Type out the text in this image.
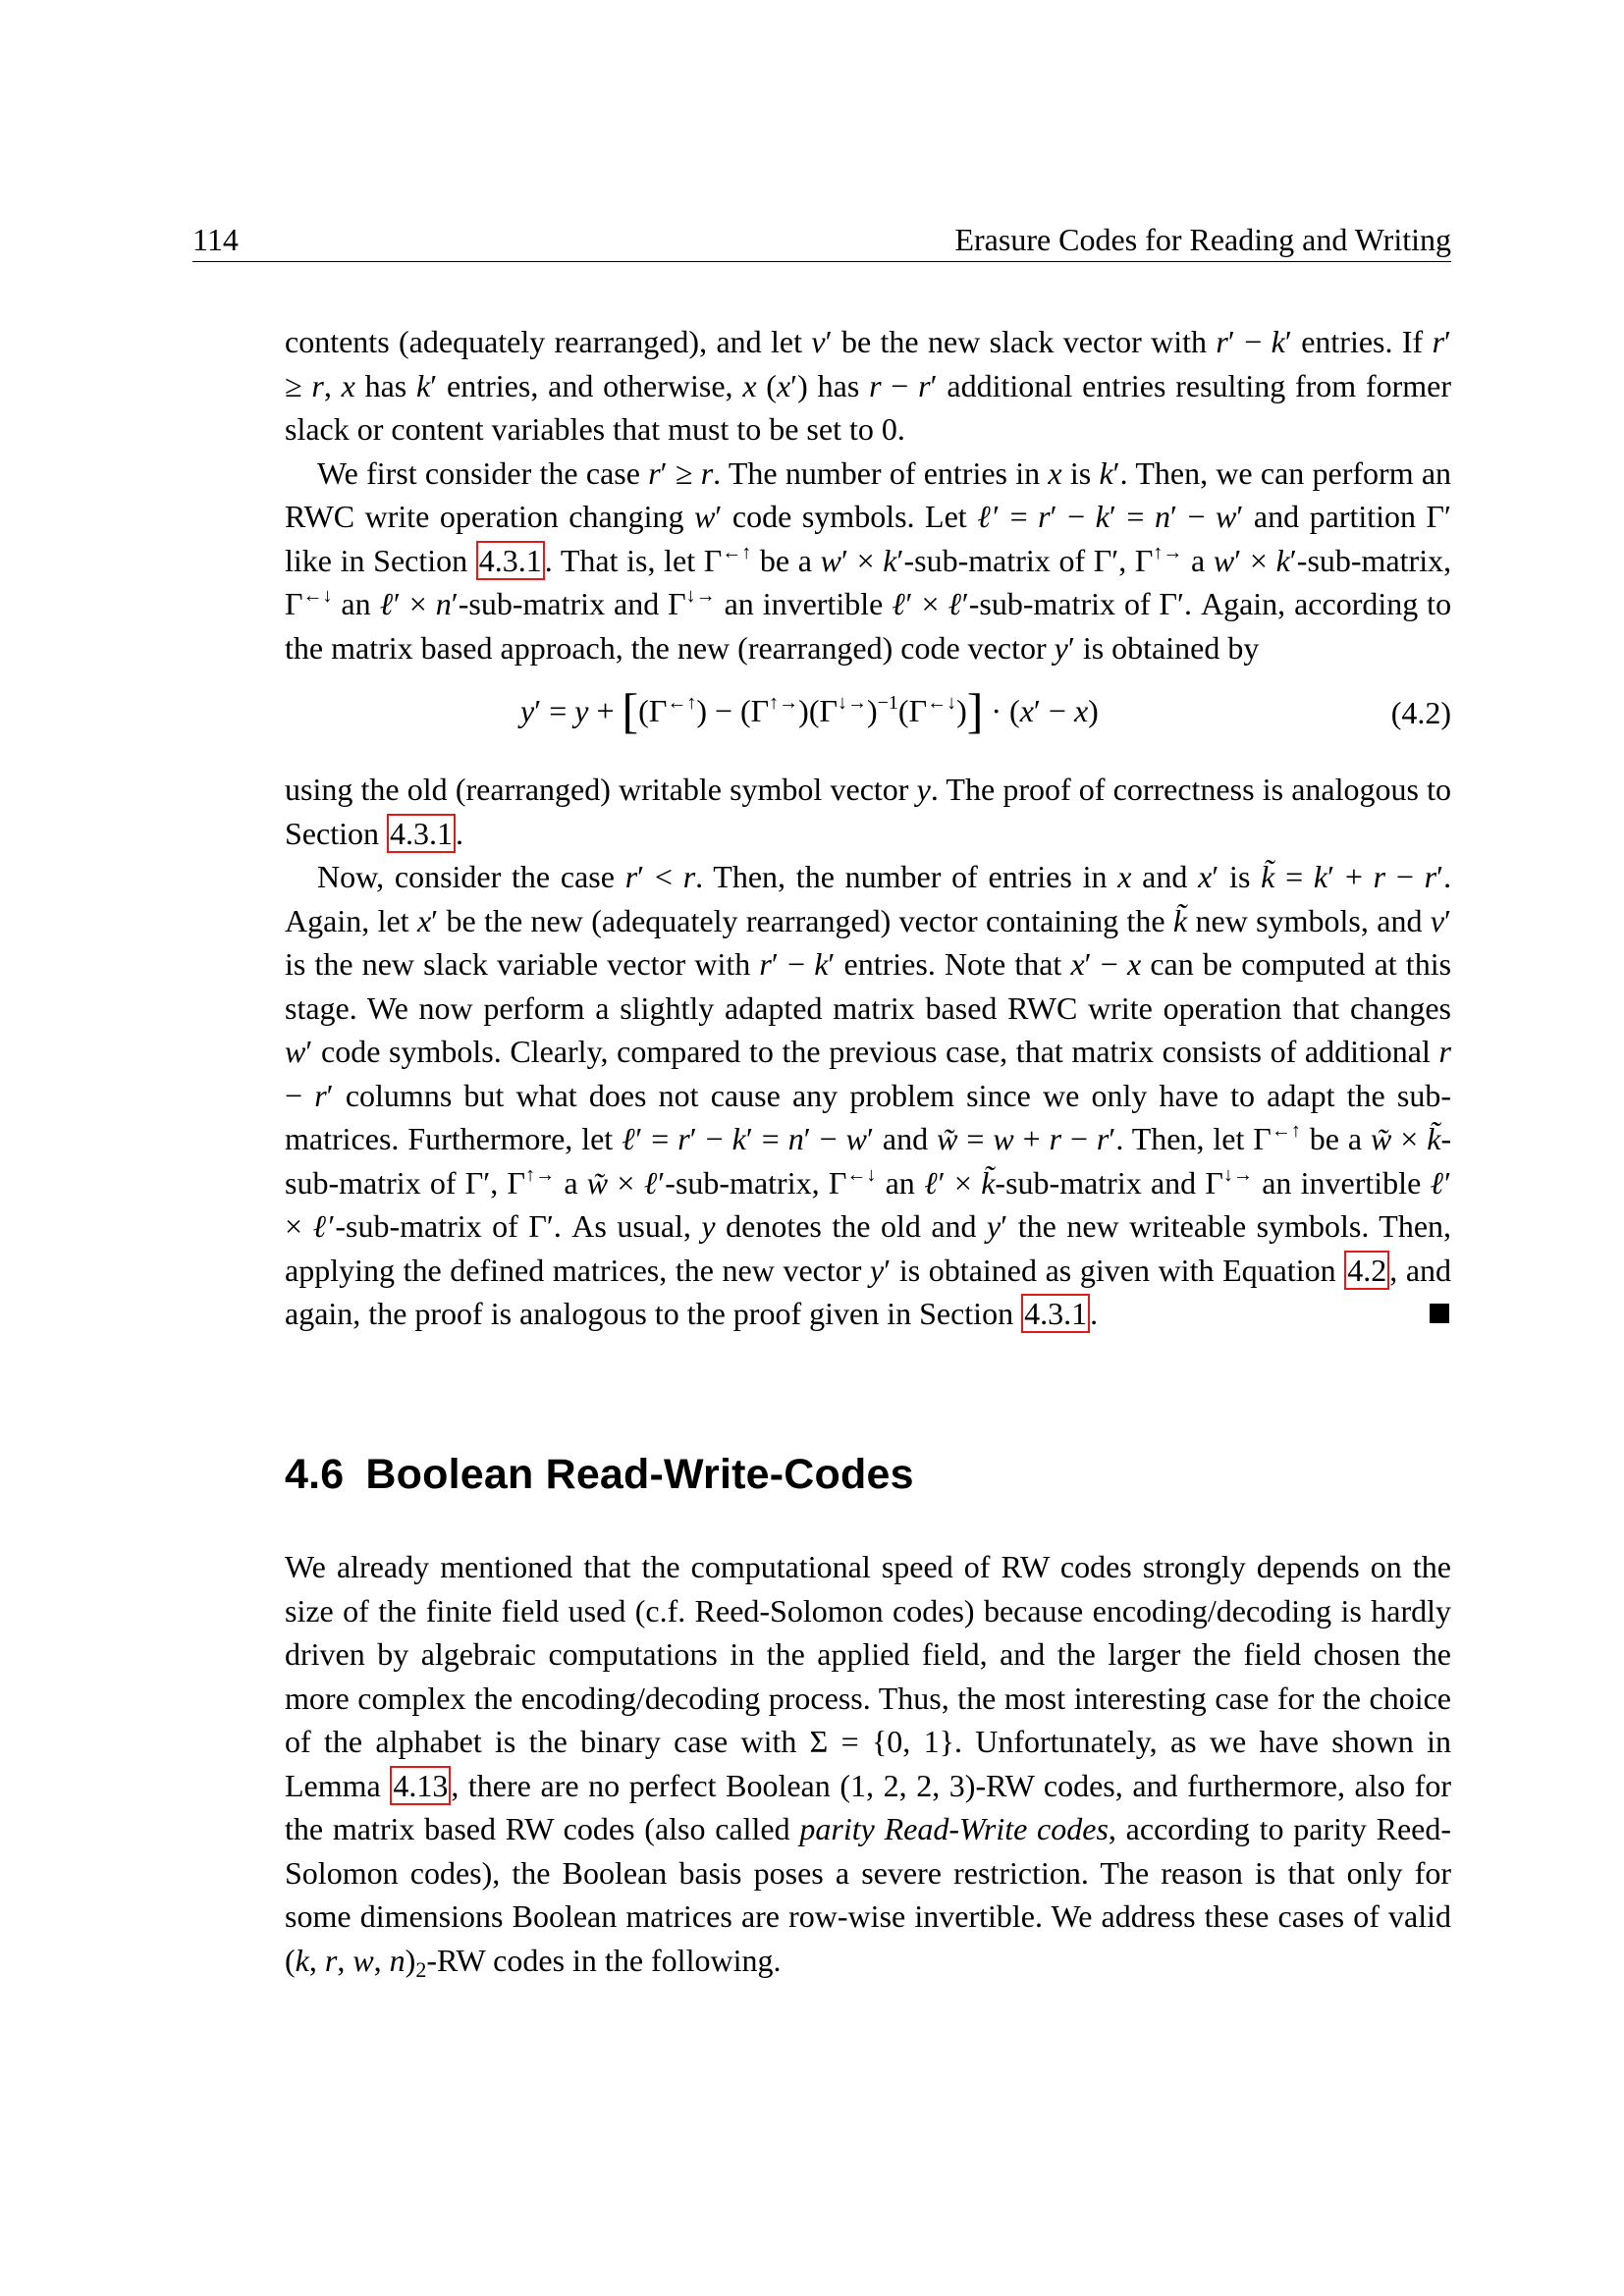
114	Erasure Codes for Reading and Writing

contents (adequately rearranged), and let v′ be the new slack vector with r′ − k′ entries. If r′ ≥ r, x has k′ entries, and otherwise, x (x′) has r − r′ additional entries resulting from former slack or content variables that must to be set to 0.

We first consider the case r′ ≥ r. The number of entries in x is k′. Then, we can perform an RWC write operation changing w′ code symbols. Let ℓ′ = r′ − k′ = n′ − w′ and partition Γ′ like in Section 4.3.1. That is, let Γ←↑ be a w′ × k′-sub-matrix of Γ′, Γ↑→ a w′ × k′-sub-matrix, Γ←↓ an ℓ′ × n′-sub-matrix and Γ↓→ an invertible ℓ′ × ℓ′-sub-matrix of Γ′. Again, according to the matrix based approach, the new (rearranged) code vector y′ is obtained by

$y' = y + [(\Gamma^{\leftarrow↑}) - (\Gamma^{↑\to})(\Gamma^{↓\to})^{-1}(\Gamma^{\leftarrow↓})] \cdot (x' - x)$	(4.2)

using the old (rearranged) writable symbol vector y. The proof of correctness is analogous to Section 4.3.1.

Now, consider the case r′ < r. Then, the number of entries in x and x′ is k̃ = k′ + r − r′. Again, let x′ be the new (adequately rearranged) vector containing the k̃ new symbols, and v′ is the new slack variable vector with r′ − k′ entries. Note that x′ − x can be computed at this stage. We now perform a slightly adapted matrix based RWC write operation that changes w′ code symbols. Clearly, compared to the previous case, that matrix consists of additional r − r′ columns but what does not cause any problem since we only have to adapt the sub-matrices. Furthermore, let ℓ′ = r′ − k′ = n′ − w′ and w̃ = w + r − r′. Then, let Γ←↑ be a w̃ × k̃-sub-matrix of Γ′, Γ↑→ a w̃ × ℓ′-sub-matrix, Γ←↓ an ℓ′ × k̃-sub-matrix and Γ↓→ an invertible ℓ′ × ℓ′-sub-matrix of Γ′. As usual, y denotes the old and y′ the new writeable symbols. Then, applying the defined matrices, the new vector y′ is obtained as given with Equation 4.2, and again, the proof is analogous to the proof given in Section 4.3.1.

4.6 Boolean Read-Write-Codes

We already mentioned that the computational speed of RW codes strongly depends on the size of the finite field used (c.f. Reed-Solomon codes) because encoding/decoding is hardly driven by algebraic computations in the applied field, and the larger the field chosen the more complex the encoding/decoding process. Thus, the most interesting case for the choice of the alphabet is the binary case with Σ = {0, 1}. Unfortunately, as we have shown in Lemma 4.13, there are no perfect Boolean (1, 2, 2, 3)-RW codes, and furthermore, also for the matrix based RW codes (also called parity Read-Write codes, according to parity Reed-Solomon codes), the Boolean basis poses a severe restriction. The reason is that only for some dimensions Boolean matrices are row-wise invertible. We address these cases of valid (k, r, w, $n)_2-RW$ codes in the following.
